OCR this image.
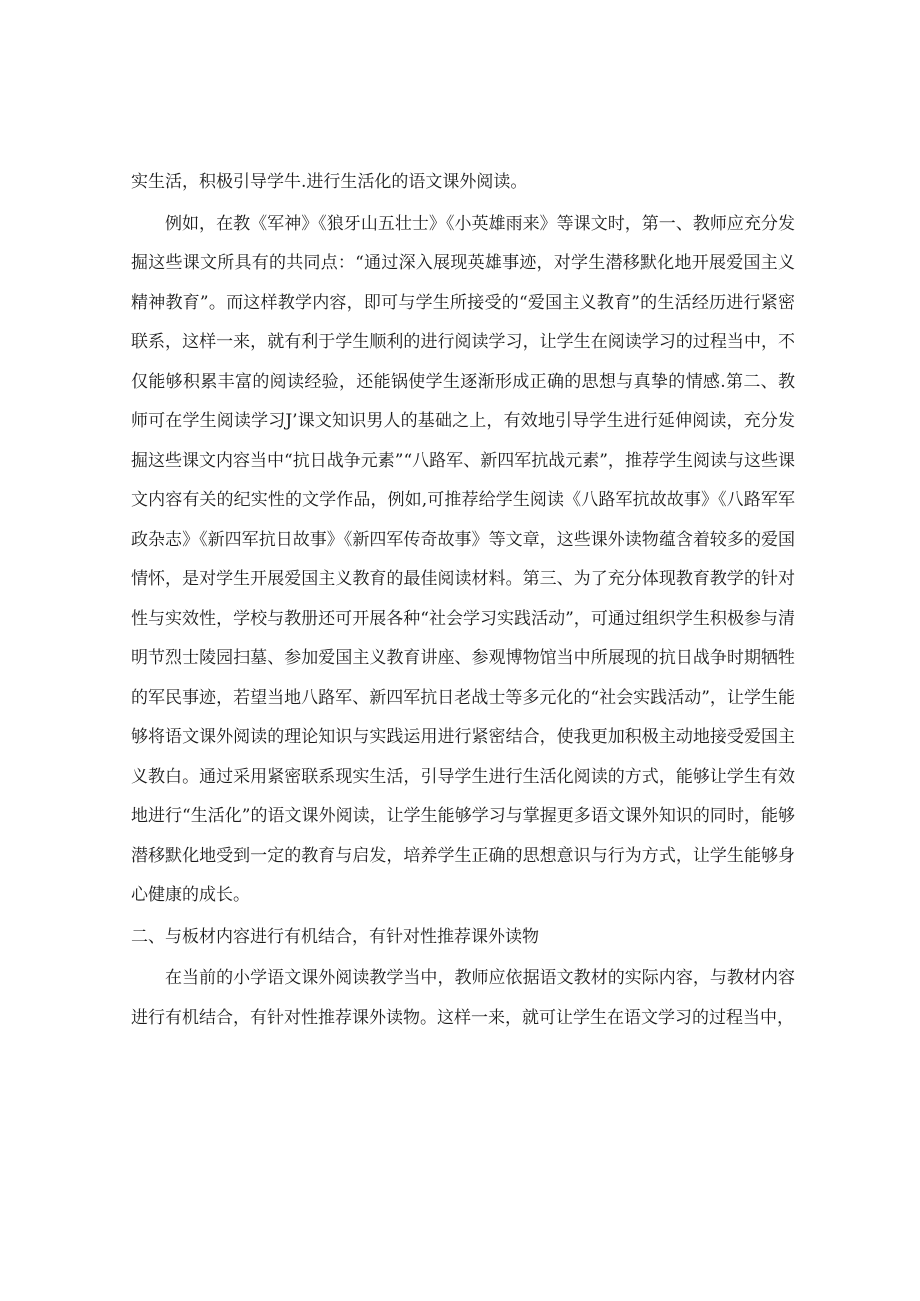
实生活，积极引导学牛.进行生活化的语文课外阅读。

例如，在教《军神》《狼牙山五壮士》《小英雄雨来》等课文时，第一、教师应充分发掘这些课文所具有的共同点：“通过深入展现英雄事迹，对学生潜移默化地开展爱国主义精神教育”。而这样教学内容，即可与学生所接受的“爱国主义教育”的生活经历进行紧密联系，这样一来，就有利于学生顺利的进行阅读学习，让学生在阅读学习的过程当中，不仅能够积累丰富的阅读经验，还能锅使学生逐渐形成正确的思想与真挚的情感.第二、教师可在学生阅读学习J’课文知识男人的基础之上，有效地引导学生进行延伸阅读，充分发掘这些课文内容当中“抗日战争元素”“八路军、新四军抗战元素”，推荐学生阅读与这些课文内容有关的纪实性的文学作品，例如,可推荐给学生阅读《八路军抗故故事》《八路军军政杂志》《新四军抗日故事》《新四军传奇故事》等文章，这些课外读物蕴含着较多的爱国情怀，是对学生开展爱国主义教育的最佳阅读材料。第三、为了充分体现教育教学的针对性与实效性，学校与教册还可开展各种“社会学习实践活动”，可通过组织学生积极参与清明节烈士陵园扫墓、参加爱国主义教育讲座、参观博物馆当中所展现的抗日战争时期牺牲的军民事迹，若望当地八路军、新四军抗日老战士等多元化的“社会实践活动”，让学生能够将语文课外阅读的理论知识与实践运用进行紧密结合，使我更加积极主动地接受爱国主义教白。通过采用紧密联系现实生活，引导学生进行生活化阅读的方式，能够让学生有效地进行“生活化”的语文课外阅读，让学生能够学习与掌握更多语文课外知识的同时，能够潜移默化地受到一定的教育与启发，培养学生正确的思想意识与行为方式，让学生能够身心健康的成长。

二、与板材内容进行有机结合，有针对性推荐课外读物

在当前的小学语文课外阅读教学当中，教师应依据语文教材的实际内容，与教材内容进行有机结合，有针对性推荐课外读物。这样一来，就可让学生在语文学习的过程当中，
